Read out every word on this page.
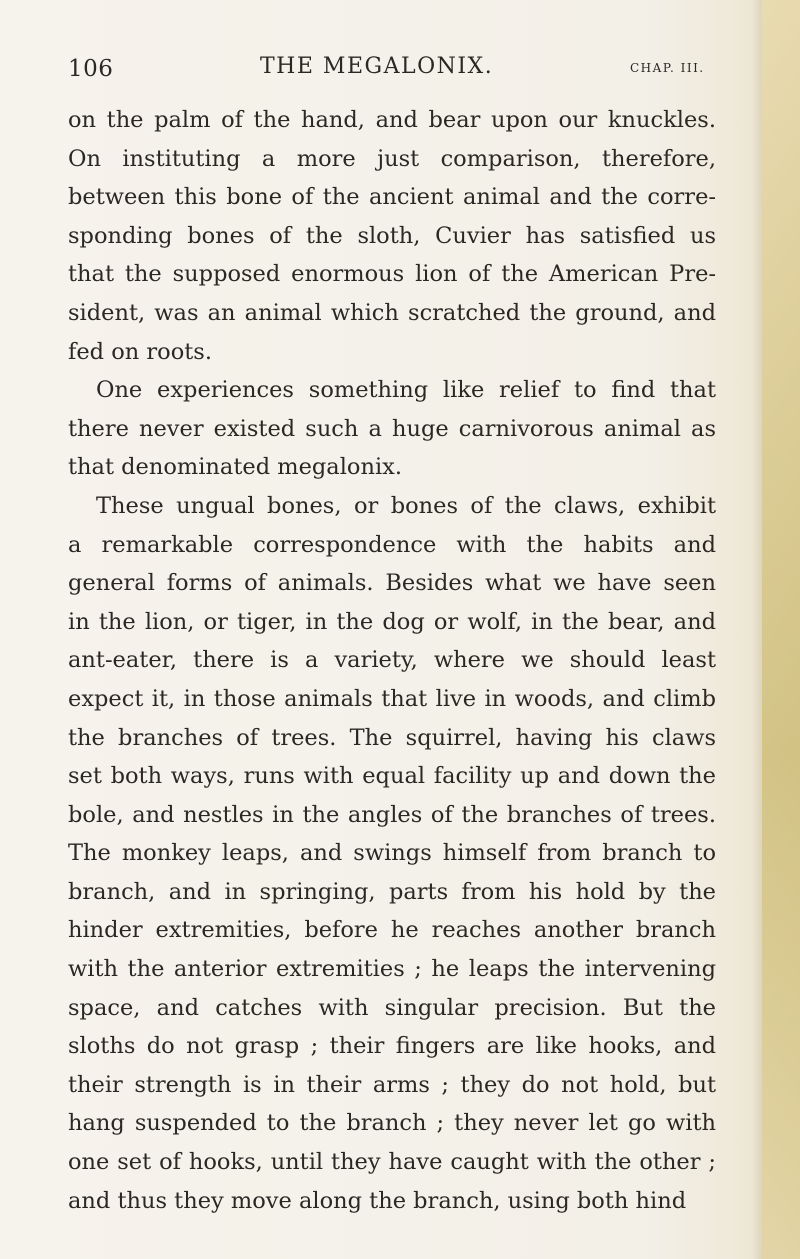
106	THE MEGALONIX.	CHAP. III.
on the palm of the hand, and bear upon our knuckles.
On instituting a more just comparison, therefore,
between this bone of the ancient animal and the corre-
sponding bones of the sloth, Cuvier has satisfied us
that the supposed enormous lion of the American Pre-
sident, was an animal which scratched the ground, and
fed on roots.
One experiences something like relief to find that
there never existed such a huge carnivorous animal as
that denominated megalonix.
These ungual bones, or bones of the claws, exhibit
a remarkable correspondence with the habits and
general forms of animals. Besides what we have seen
in the lion, or tiger, in the dog or wolf, in the bear, and
ant-eater, there is a variety, where we should least
expect it, in those animals that live in woods, and climb
the branches of trees. The squirrel, having his claws
set both ways, runs with equal facility up and down the
bole, and nestles in the angles of the branches of trees.
The monkey leaps, and swings himself from branch to
branch, and in springing, parts from his hold by the
hinder extremities, before he reaches another branch
with the anterior extremities ; he leaps the intervening
space, and catches with singular precision. But the
sloths do not grasp ; their fingers are like hooks, and
their strength is in their arms ; they do not hold, but
hang suspended to the branch ; they never let go with
one set of hooks, until they have caught with the other ;
and thus they move along the branch, using both hind
